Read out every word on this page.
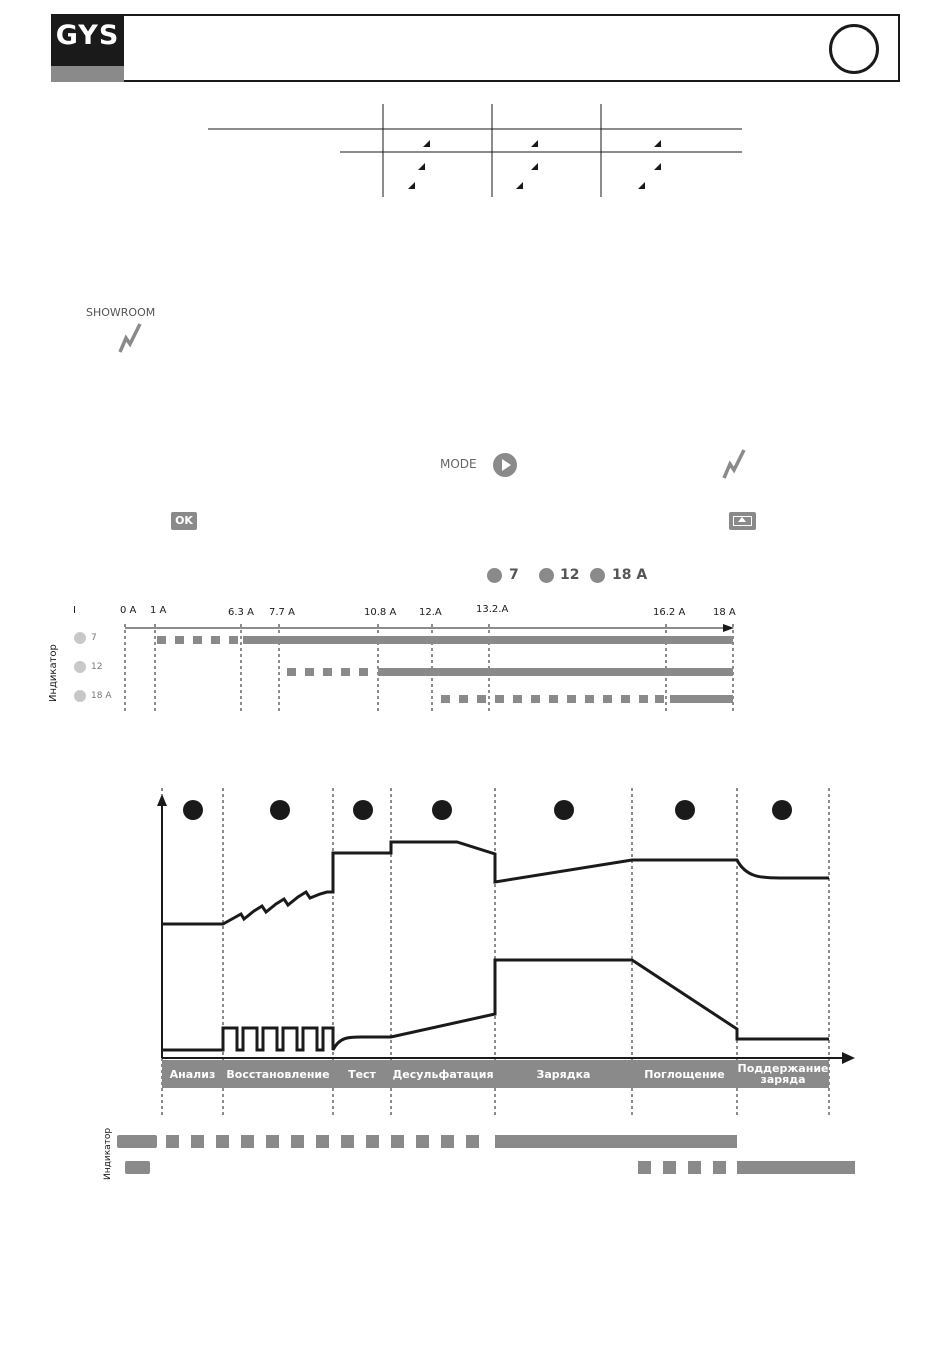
GYS
SHOWROOM
MODE
OK
7	12 18 A
I	0 A 1 A	6.3 A 7.7 A	10.8 A 12.A	13.2.A	16.2 A	18 A
Индикатор
7
12
18 A
Анализ	Восстановление	Тест	Десульфатация	Зарядка	Поглощение	Поддержание заряда
Индикатор
